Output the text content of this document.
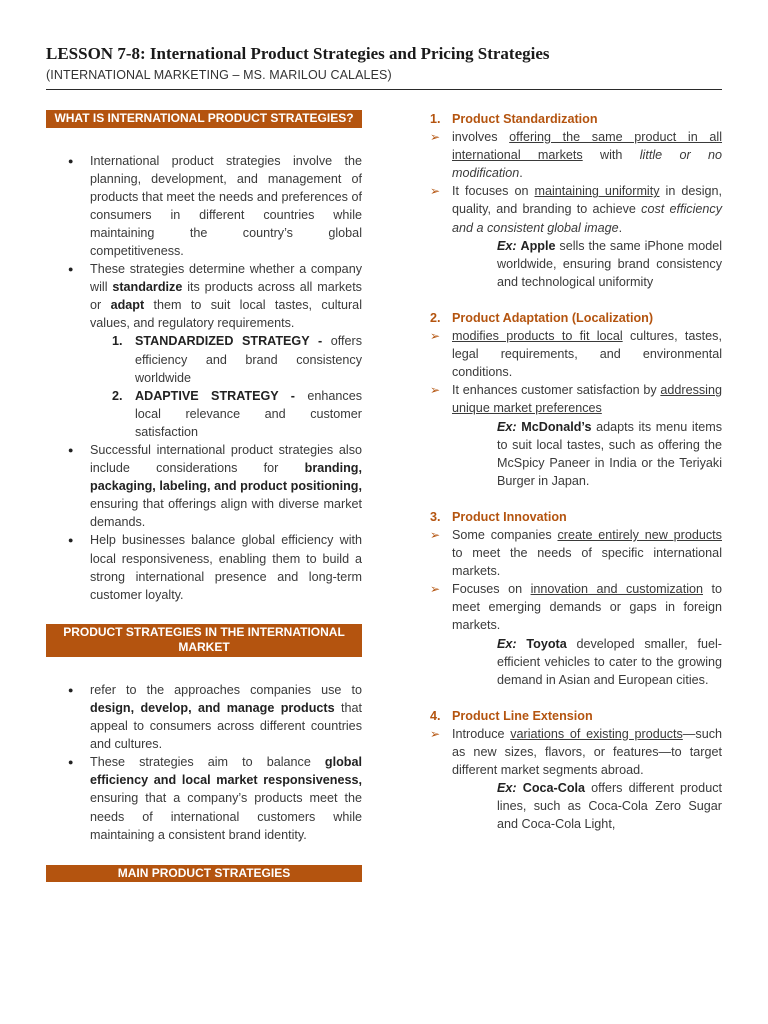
LESSON 7-8: International Product Strategies and Pricing Strategies
(INTERNATIONAL MARKETING – MS. MARILOU CALALES)
WHAT IS INTERNATIONAL PRODUCT STRATEGIES?
● International product strategies involve the planning, development, and management of products that meet the needs and preferences of consumers in different countries while maintaining the country’s global competitiveness.
● These strategies determine whether a company will standardize its products across all markets or adapt them to suit local tastes, cultural values, and regulatory requirements.
1. STANDARDIZED STRATEGY - offers efficiency and brand consistency worldwide
2. ADAPTIVE STRATEGY - enhances local relevance and customer satisfaction
● Successful international product strategies also include considerations for branding, packaging, labeling, and product positioning, ensuring that offerings align with diverse market demands.
● Help businesses balance global efficiency with local responsiveness, enabling them to build a strong international presence and long-term customer loyalty.
PRODUCT STRATEGIES IN THE INTERNATIONAL MARKET
● refer to the approaches companies use to design, develop, and manage products that appeal to consumers across different countries and cultures.
● These strategies aim to balance global efficiency and local market responsiveness, ensuring that a company’s products meet the needs of international customers while maintaining a consistent brand identity.
MAIN PRODUCT STRATEGIES
1. Product Standardization
➢ involves offering the same product in all international markets with little or no modification.
➢ It focuses on maintaining uniformity in design, quality, and branding to achieve cost efficiency and a consistent global image.
Ex: Apple sells the same iPhone model worldwide, ensuring brand consistency and technological uniformity
2. Product Adaptation (Localization)
➢ modifies products to fit local cultures, tastes, legal requirements, and environmental conditions.
➢ It enhances customer satisfaction by addressing unique market preferences
Ex: McDonald’s adapts its menu items to suit local tastes, such as offering the McSpicy Paneer in India or the Teriyaki Burger in Japan.
3. Product Innovation
➢ Some companies create entirely new products to meet the needs of specific international markets.
➢ Focuses on innovation and customization to meet emerging demands or gaps in foreign markets.
Ex: Toyota developed smaller, fuel-efficient vehicles to cater to the growing demand in Asian and European cities.
4. Product Line Extension
➢ Introduce variations of existing products—such as new sizes, flavors, or features—to target different market segments abroad.
Ex: Coca-Cola offers different product lines, such as Coca-Cola Zero Sugar and Coca-Cola Light,
